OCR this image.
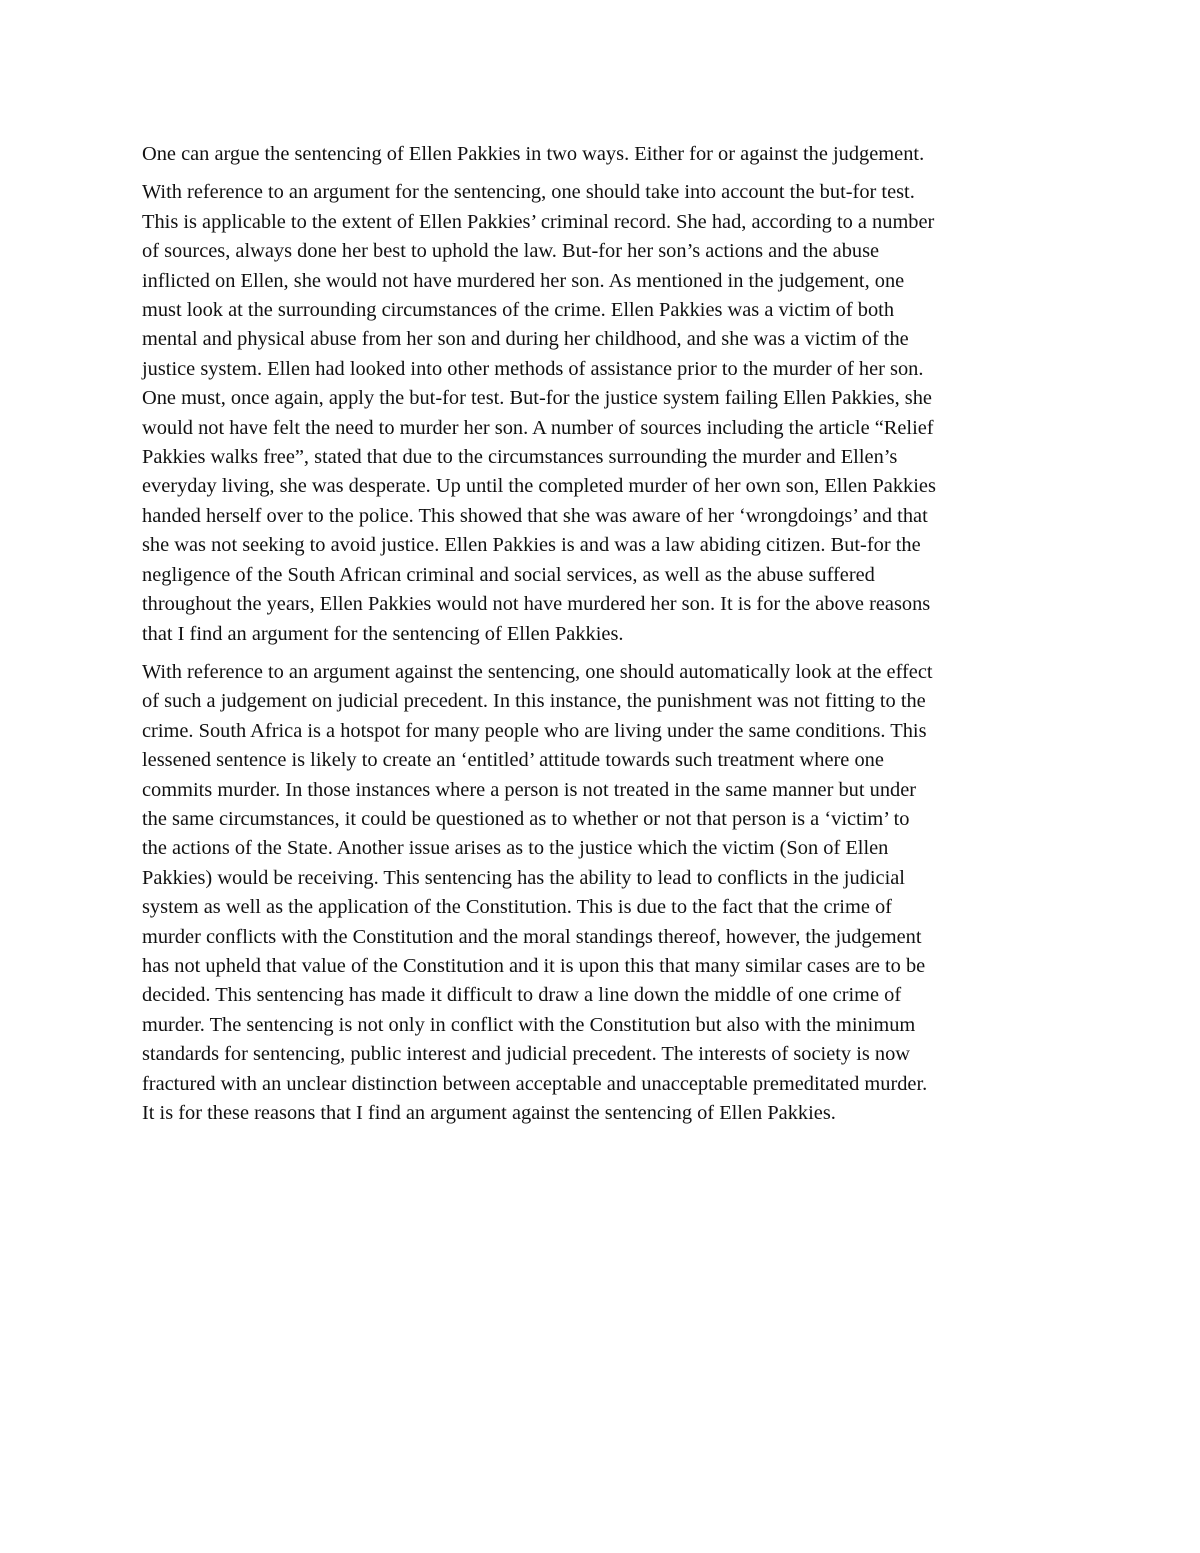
One can argue the sentencing of Ellen Pakkies in two ways. Either for or against the judgement.

With reference to an argument for the sentencing, one should take into account the but-for test.
This is applicable to the extent of Ellen Pakkies’ criminal record. She had, according to a number
of sources, always done her best to uphold the law. But-for her son’s actions and the abuse
inflicted on Ellen, she would not have murdered her son. As mentioned in the judgement, one
must look at the surrounding circumstances of the crime. Ellen Pakkies was a victim of both
mental and physical abuse from her son and during her childhood, and she was a victim of the
justice system. Ellen had looked into other methods of assistance prior to the murder of her son.
One must, once again, apply the but-for test. But-for the justice system failing Ellen Pakkies, she
would not have felt the need to murder her son. A number of sources including the article “Relief
Pakkies walks free”, stated that due to the circumstances surrounding the murder and Ellen’s
everyday living, she was desperate. Up until the completed murder of her own son, Ellen Pakkies
handed herself over to the police. This showed that she was aware of her ‘wrongdoings’ and that
she was not seeking to avoid justice. Ellen Pakkies is and was a law abiding citizen. But-for the
negligence of the South African criminal and social services, as well as the abuse suffered
throughout the years, Ellen Pakkies would not have murdered her son. It is for the above reasons
that I find an argument for the sentencing of Ellen Pakkies.

With reference to an argument against the sentencing, one should automatically look at the effect
of such a judgement on judicial precedent. In this instance, the punishment was not fitting to the
crime. South Africa is a hotspot for many people who are living under the same conditions. This
lessened sentence is likely to create an ‘entitled’ attitude towards such treatment where one
commits murder. In those instances where a person is not treated in the same manner but under
the same circumstances, it could be questioned as to whether or not that person is a ‘victim’ to
the actions of the State. Another issue arises as to the justice which the victim (Son of Ellen
Pakkies) would be receiving. This sentencing has the ability to lead to conflicts in the judicial
system as well as the application of the Constitution. This is due to the fact that the crime of
murder conflicts with the Constitution and the moral standings thereof, however, the judgement
has not upheld that value of the Constitution and it is upon this that many similar cases are to be
decided. This sentencing has made it difficult to draw a line down the middle of one crime of
murder. The sentencing is not only in conflict with the Constitution but also with the minimum
standards for sentencing, public interest and judicial precedent. The interests of society is now
fractured with an unclear distinction between acceptable and unacceptable premeditated murder.
It is for these reasons that I find an argument against the sentencing of Ellen Pakkies.
